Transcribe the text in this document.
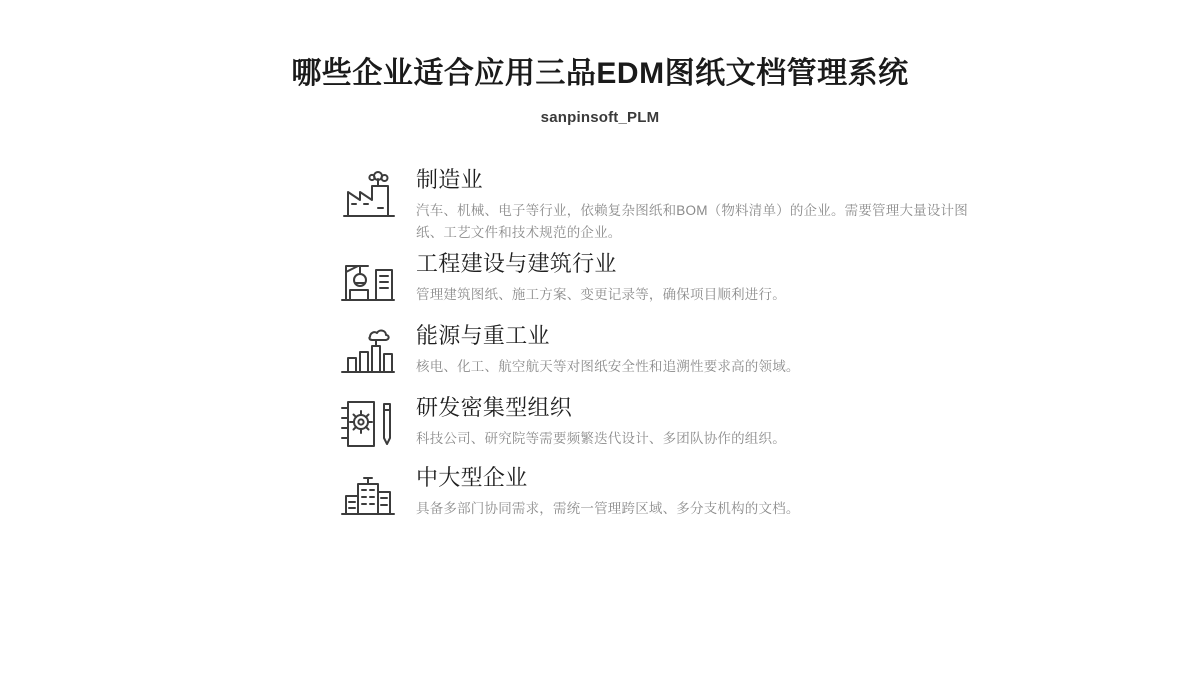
哪些企业适合应用三品EDM图纸文档管理系统
sanpinsoft_PLM
制造业
汽车、机械、电子等行业，依赖复杂图纸和BOM（物料清单）的企业。需要管理大量设计图纸、工艺文件和技术规范的企业。
工程建设与建筑行业
管理建筑图纸、施工方案、变更记录等，确保项目顺利进行。
能源与重工业
核电、化工、航空航天等对图纸安全性和追溯性要求高的领域。
研发密集型组织
科技公司、研究院等需要频繁迭代设计、多团队协作的组织。
中大型企业
具备多部门协同需求，需统一管理跨区域、多分支机构的文档。
